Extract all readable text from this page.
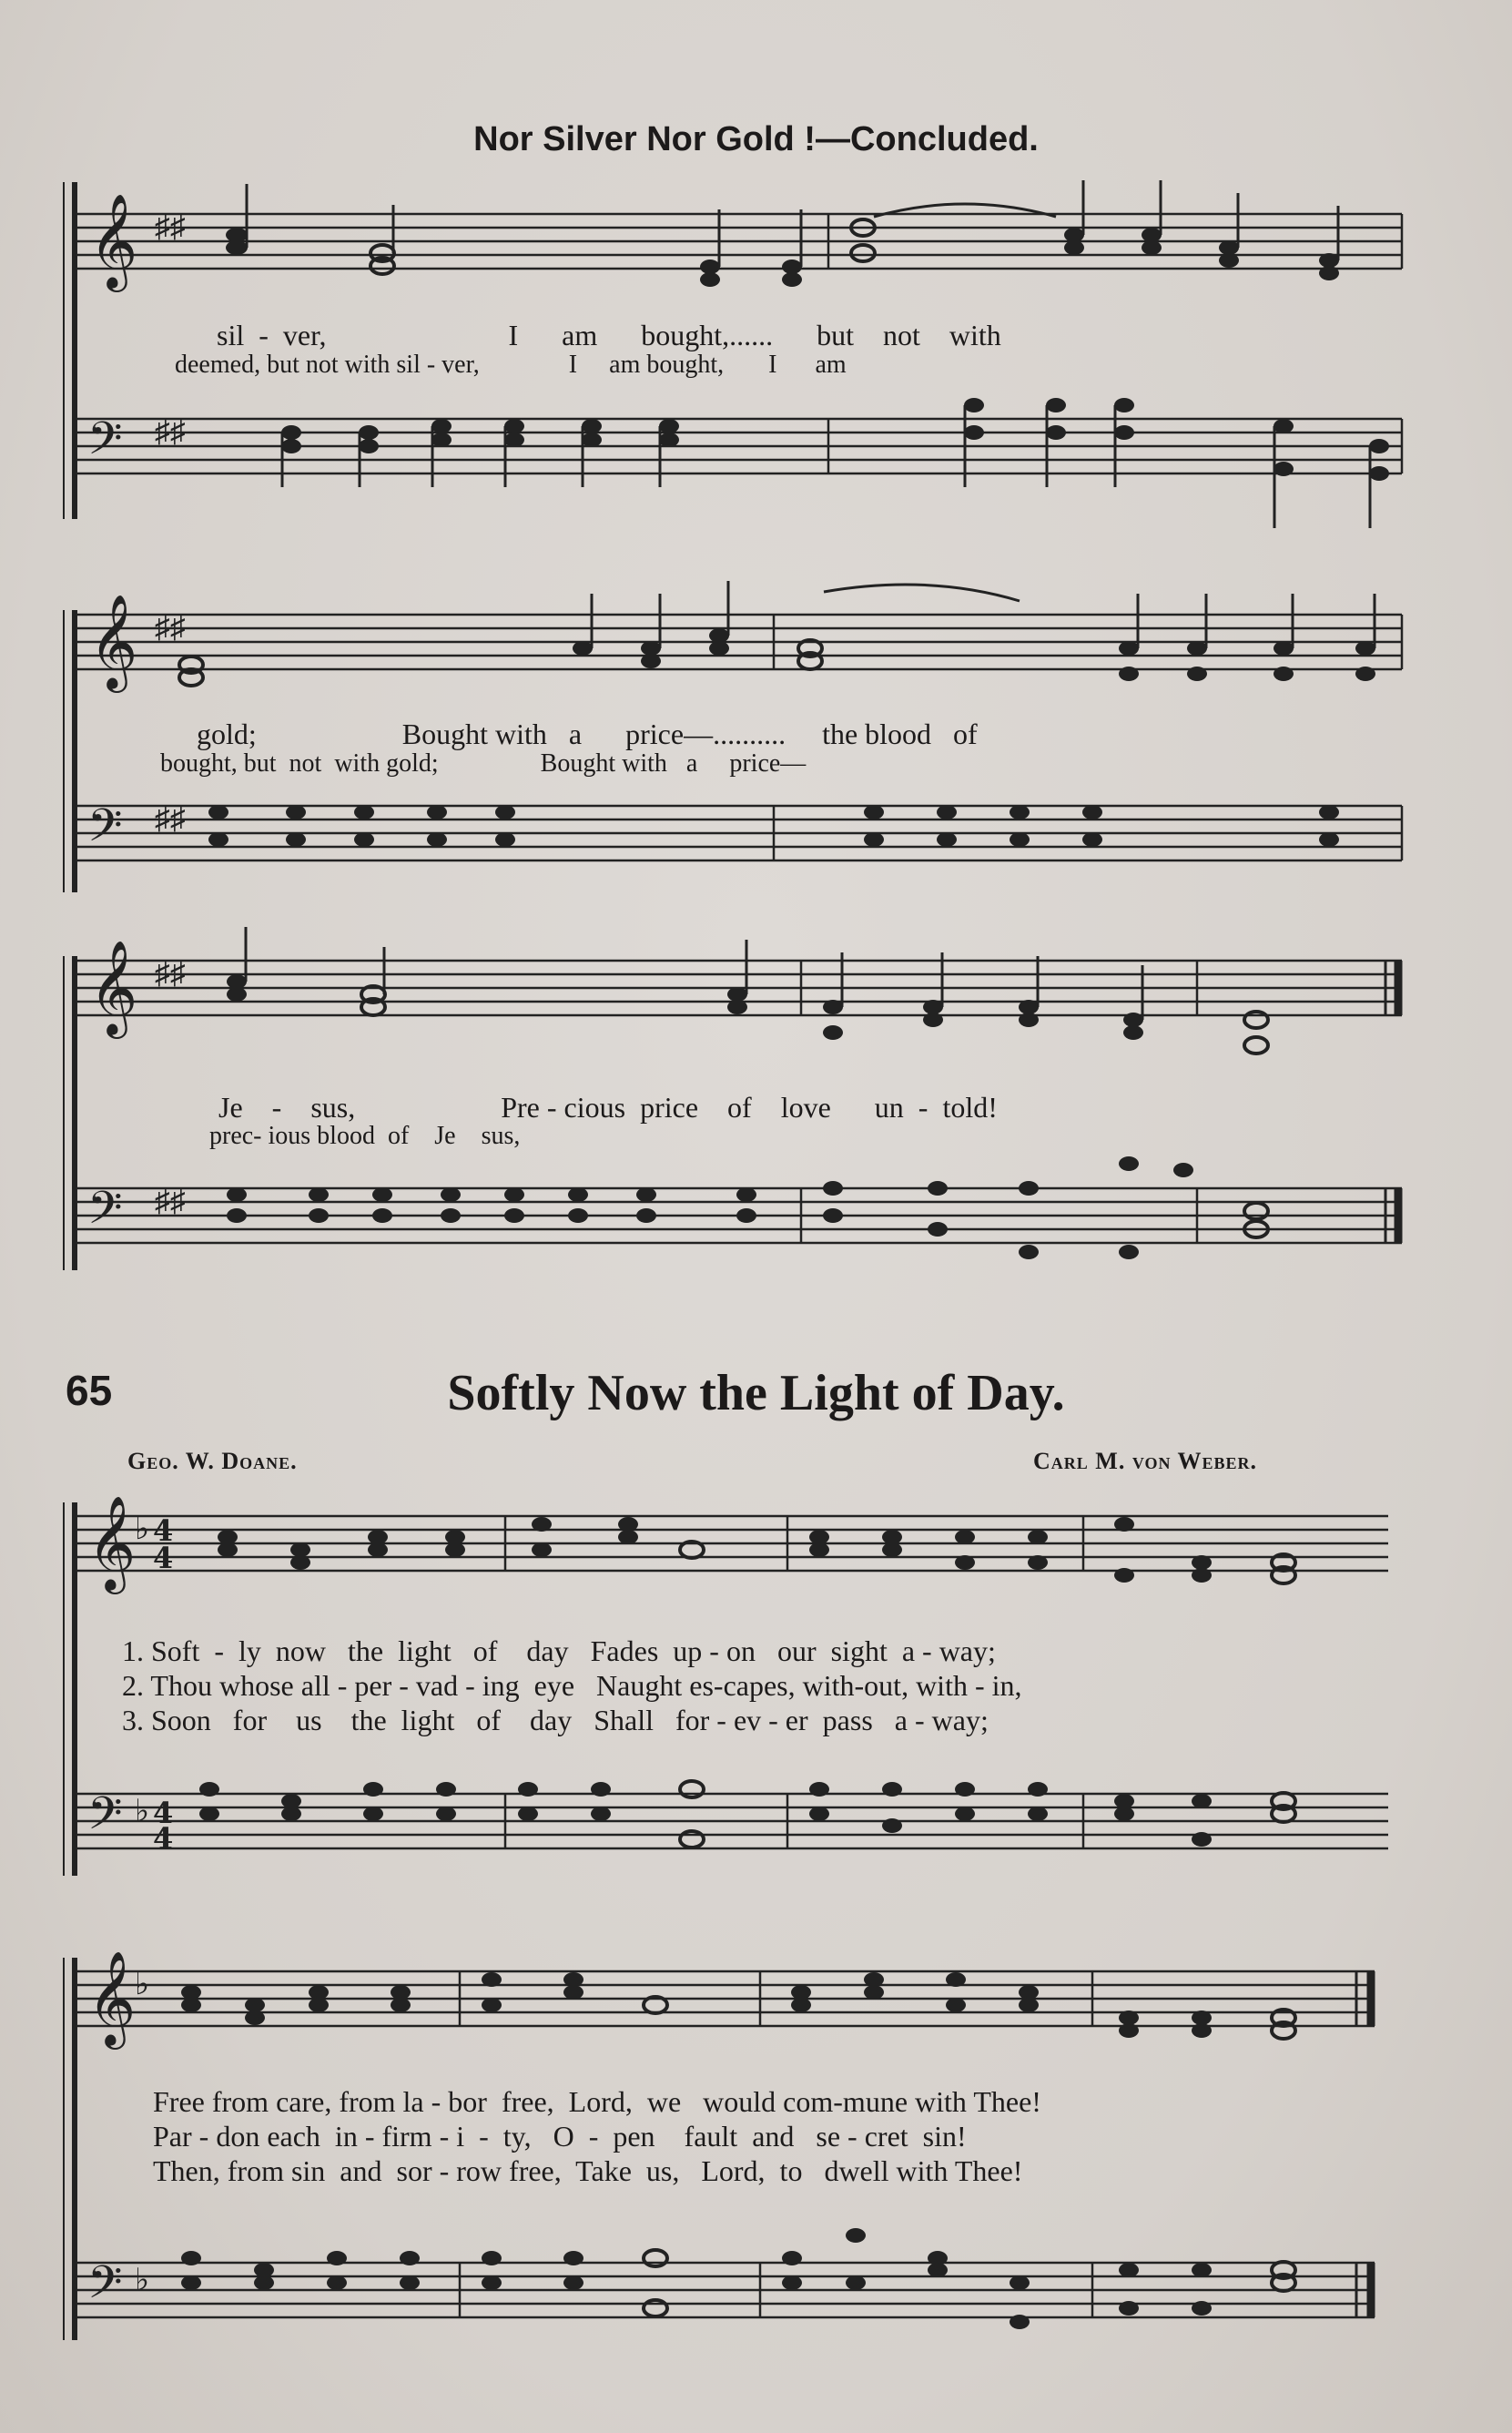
Nor Silver Nor Gold !—Concluded.
𝄞
𝄢
♯♯
♯♯
sil  -  ver,                         I      am      bought,......      but    not    with
deemed, but not with sil - ver,              I     am bought,       I      am
𝄞
𝄢
♯♯
♯♯
gold;                    Bought with   a      price—..........     the blood   of
bought, but  not  with gold;                Bought with   a     price—
𝄞
𝄢
♯♯
♯♯
Je    -    sus,                    Pre - cious  price    of    love      un  -  told!
prec- ious blood  of    Je    sus,
65	Softly Now the Light of Day.
Geo. W. Doane.	Carl M. von Weber.
𝄞
𝄢
♭
♭
4
4
4
4
1. Soft  -  ly  now   the  light   of    day   Fades  up - on   our  sight  a - way;
2. Thou whose all - per - vad - ing  eye   Naught es-capes, with-out, with - in,
3. Soon   for    us    the  light   of    day   Shall   for - ev - er  pass   a - way;
𝄞
𝄢
♭
♭
Free from care, from la - bor  free,  Lord,  we   would com-mune with Thee!
Par - don each  in - firm - i  -  ty,   O  -  pen    fault  and   se - cret  sin!
Then, from sin  and  sor - row free,  Take  us,   Lord,  to   dwell with Thee!
